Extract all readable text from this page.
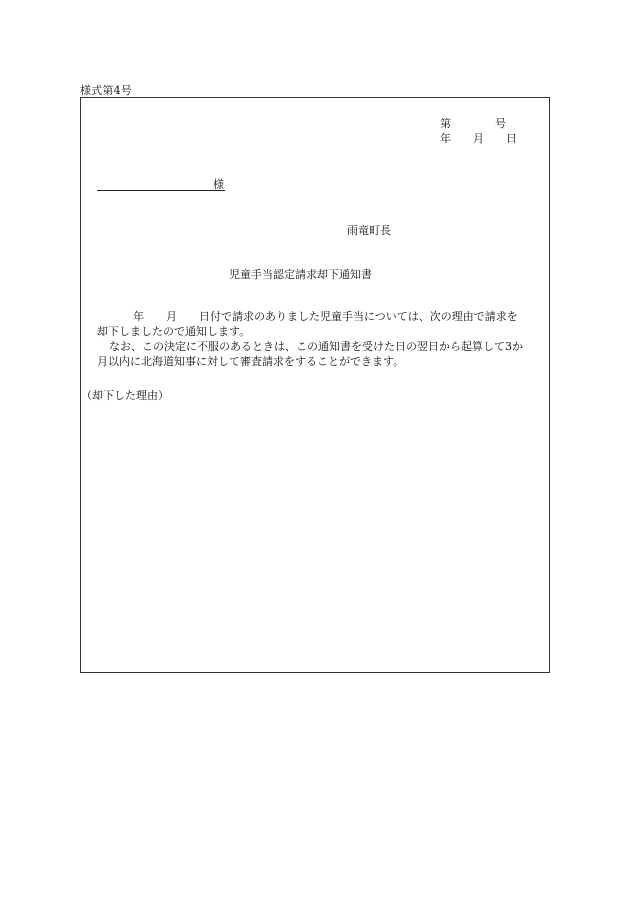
様式第4号
第　　　　号
年　　月　　日
様
雨竜町長
児童手当認定請求却下通知書
年　　月　　日付で請求のありました児童手当については、次の理由で請求を
却下しましたので通知します。
なお、この決定に不服のあるときは、この通知書を受けた日の翌日から起算して3か
月以内に北海道知事に対して審査請求をすることができます。
（却下した理由）
